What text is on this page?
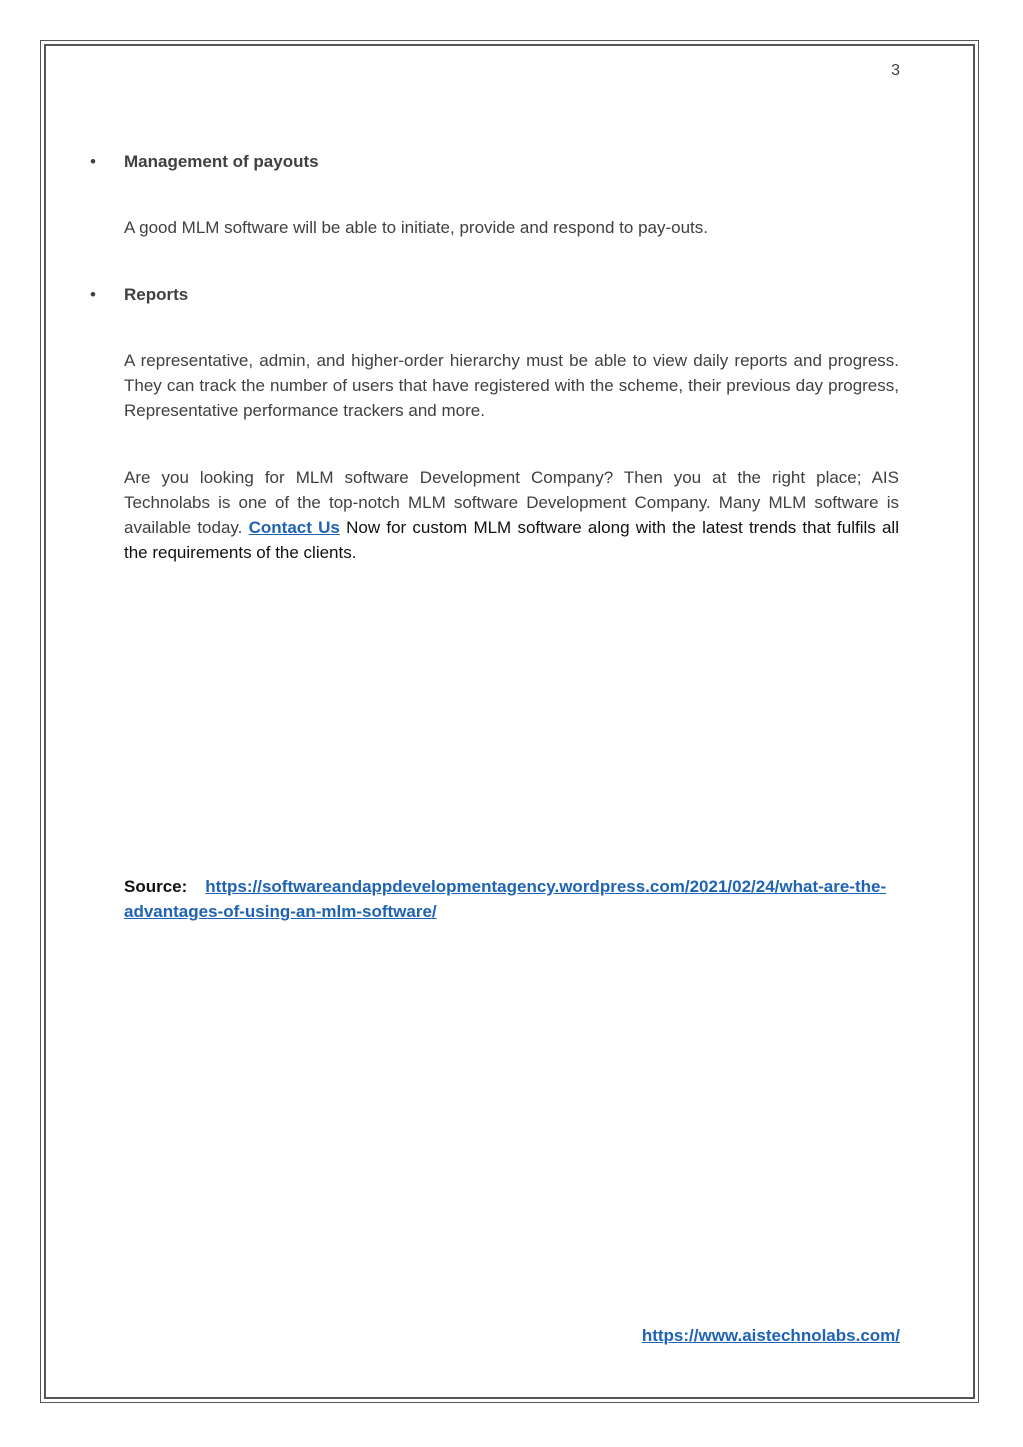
3
•	Management of payouts

A good MLM software will be able to initiate, provide and respond to pay-outs.

•	Reports

A representative, admin, and higher-order hierarchy must be able to view daily reports and progress. They can track the number of users that have registered with the scheme, their previous day progress, Representative performance trackers and more.

Are you looking for MLM software Development Company? Then you at the right place; AIS Technolabs is one of the top-notch MLM software Development Company. Many MLM software is available today. Contact Us Now for custom MLM software along with the latest trends that fulfils all the requirements of the clients.

Source: https://softwareandappdevelopmentagency.wordpress.com/2021/02/24/what-are-the-advantages-of-using-an-mlm-software/
https://www.aistechnolabs.com/
